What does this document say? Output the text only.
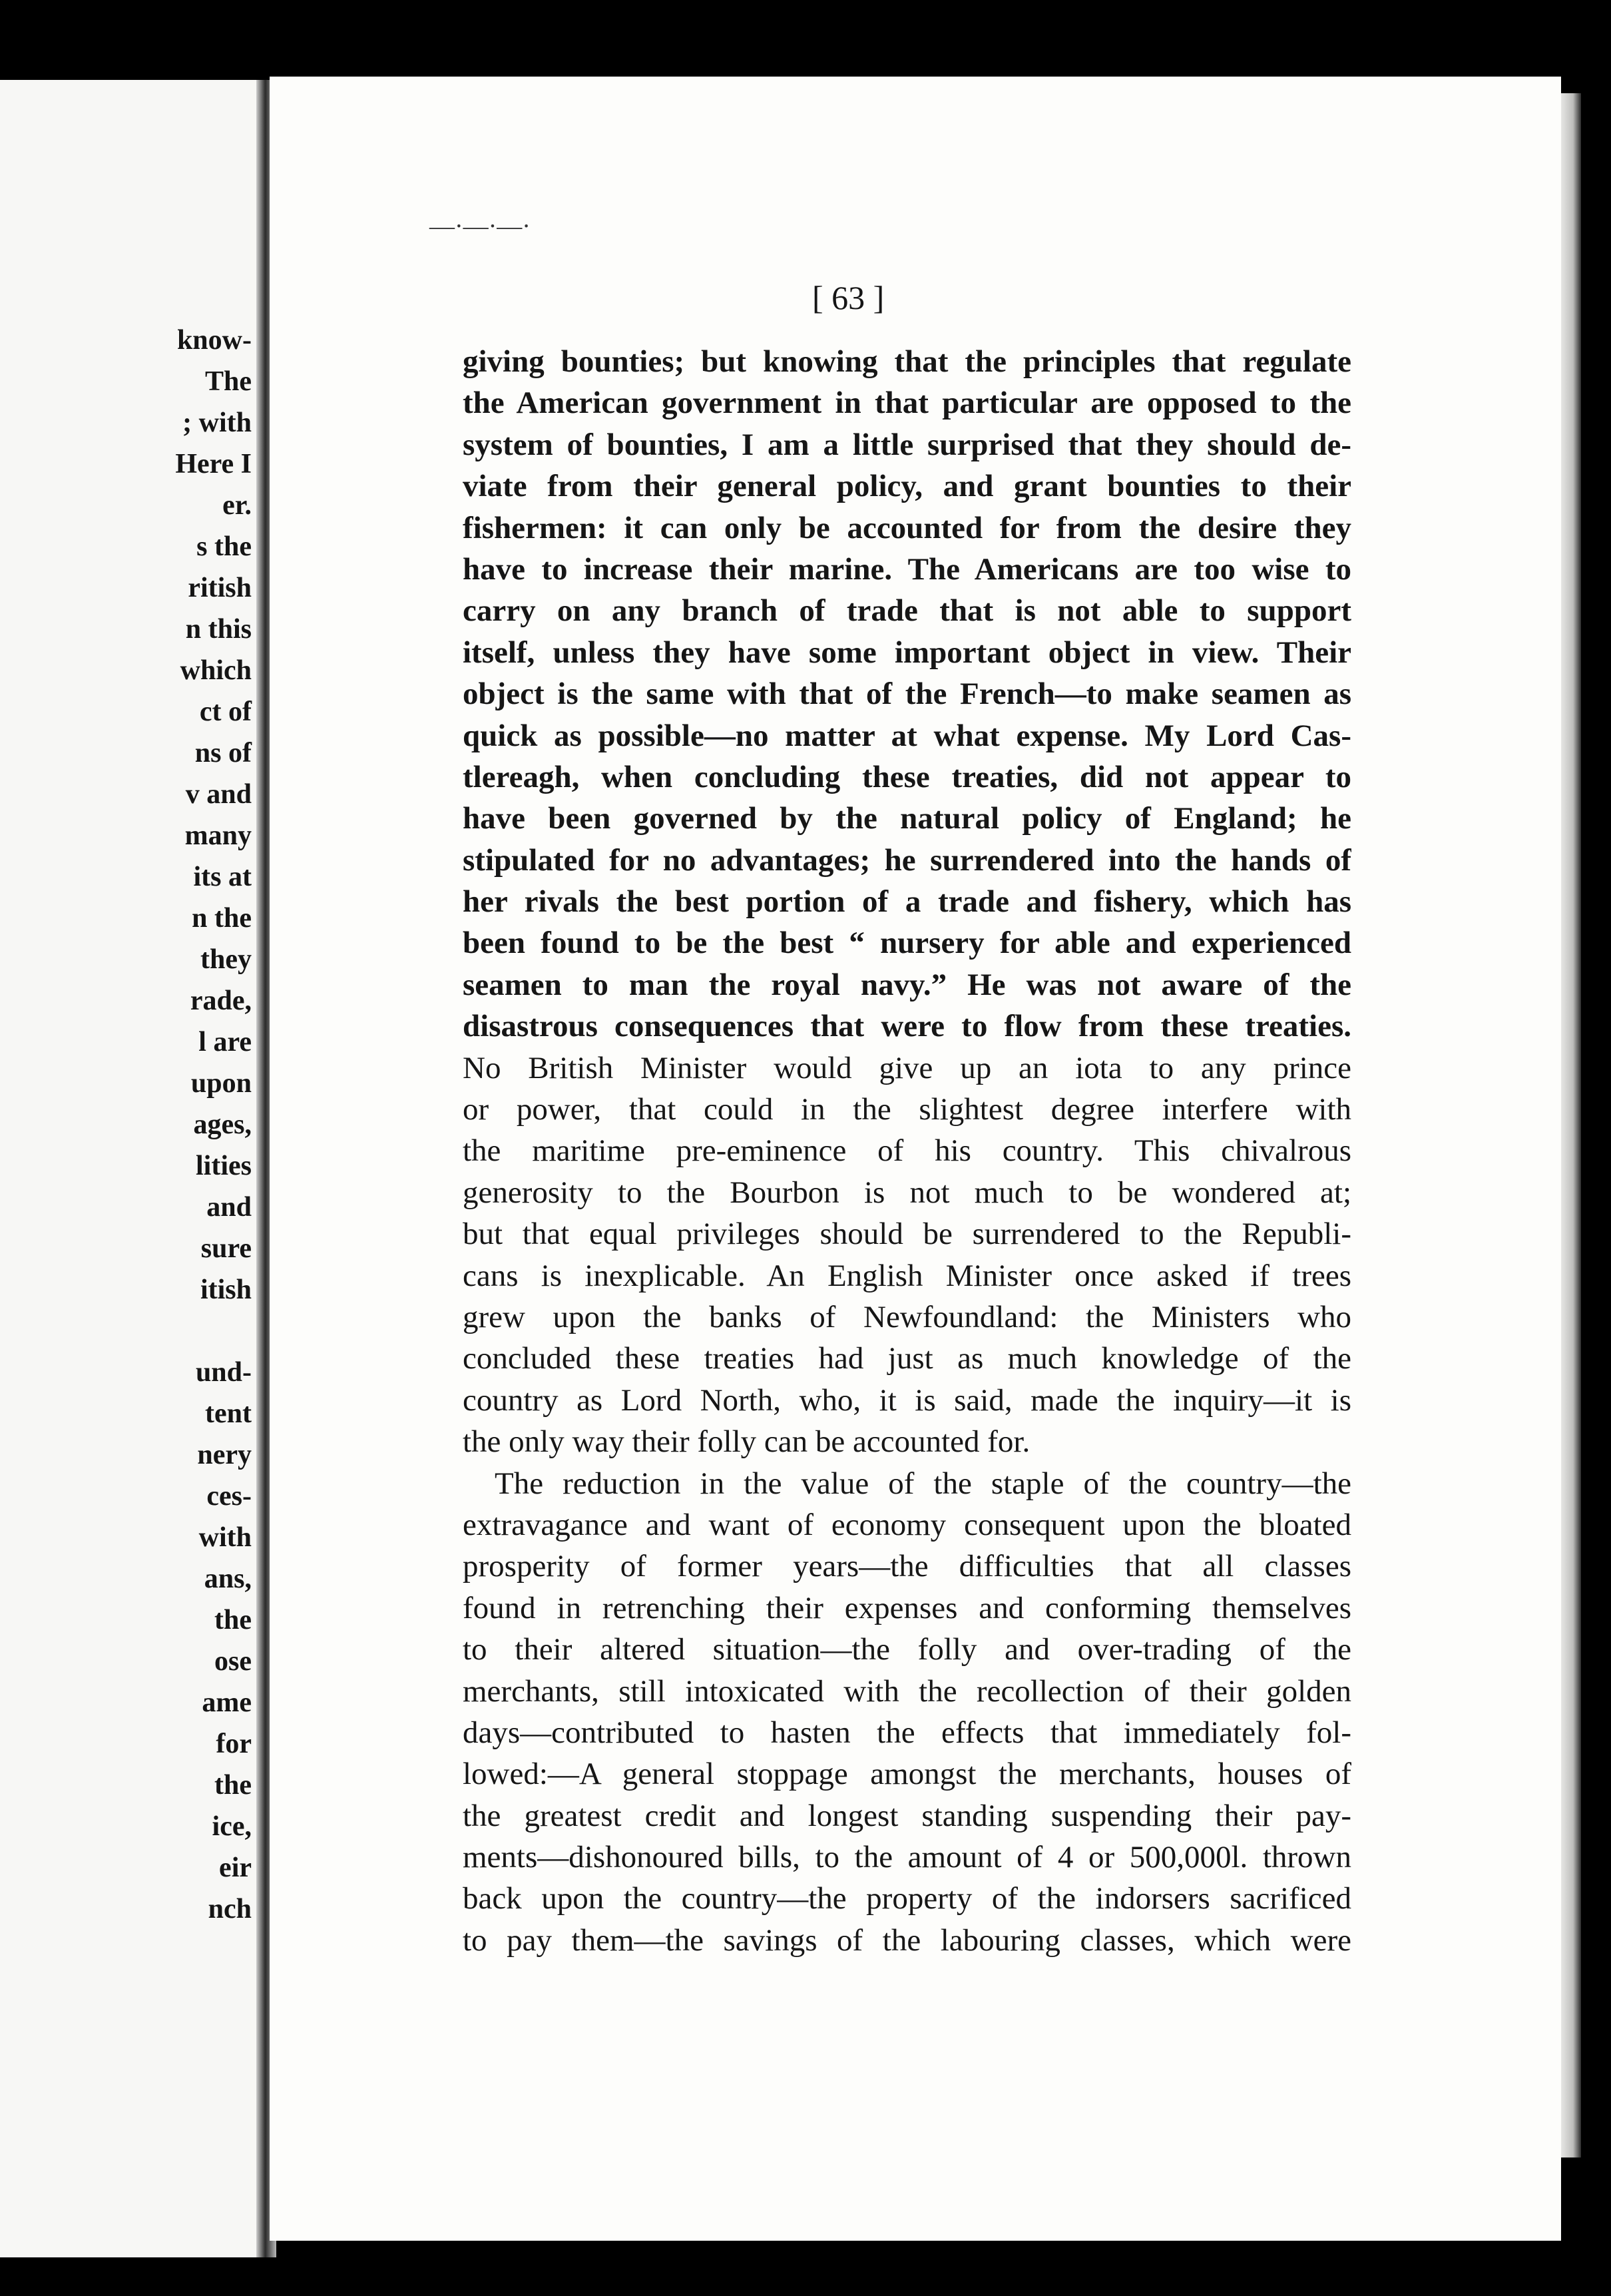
know-
The
; with
Here I
er.
s the
ritish
n this
which
ct of
ns of
v and
many
its at
n the
they
rade,
l are
upon
ages,
lities
and
sure
itish
und-
tent
nery
ces-
with
ans,
the
ose
ame
for
the
ice,
eir
nch
—·—·—·
[ 63 ]
giving bounties; but knowing that the principles that regulate
the American government in that particular are opposed to the
system of bounties, I am a little surprised that they should de-
viate from their general policy, and grant bounties to their
fishermen: it can only be accounted for from the desire they
have to increase their marine. The Americans are too wise to
carry on any branch of trade that is not able to support
itself, unless they have some important object in view. Their
object is the same with that of the French—to make seamen as
quick as possible—no matter at what expense. My Lord Cas-
tlereagh, when concluding these treaties, did not appear to
have been governed by the natural policy of England; he
stipulated for no advantages; he surrendered into the hands of
her rivals the best portion of a trade and fishery, which has
been found to be the best “ nursery for able and experienced
seamen to man the royal navy.” He was not aware of the
disastrous consequences that were to flow from these treaties.
No British Minister would give up an iota to any prince
or power, that could in the slightest degree interfere with
the maritime pre-eminence of his country. This chivalrous
generosity to the Bourbon is not much to be wondered at;
but that equal privileges should be surrendered to the Republi-
cans is inexplicable. An English Minister once asked if trees
grew upon the banks of Newfoundland: the Ministers who
concluded these treaties had just as much knowledge of the
country as Lord North, who, it is said, made the inquiry—it is
the only way their folly can be accounted for.
The reduction in the value of the staple of the country—the
extravagance and want of economy consequent upon the bloated
prosperity of former years—the difficulties that all classes
found in retrenching their expenses and conforming themselves
to their altered situation—the folly and over-trading of the
merchants, still intoxicated with the recollection of their golden
days—contributed to hasten the effects that immediately fol-
lowed:—A general stoppage amongst the merchants, houses of
the greatest credit and longest standing suspending their pay-
ments—dishonoured bills, to the amount of 4 or 500,000l. thrown
back upon the country—the property of the indorsers sacrificed
to pay them—the savings of the labouring classes, which were
